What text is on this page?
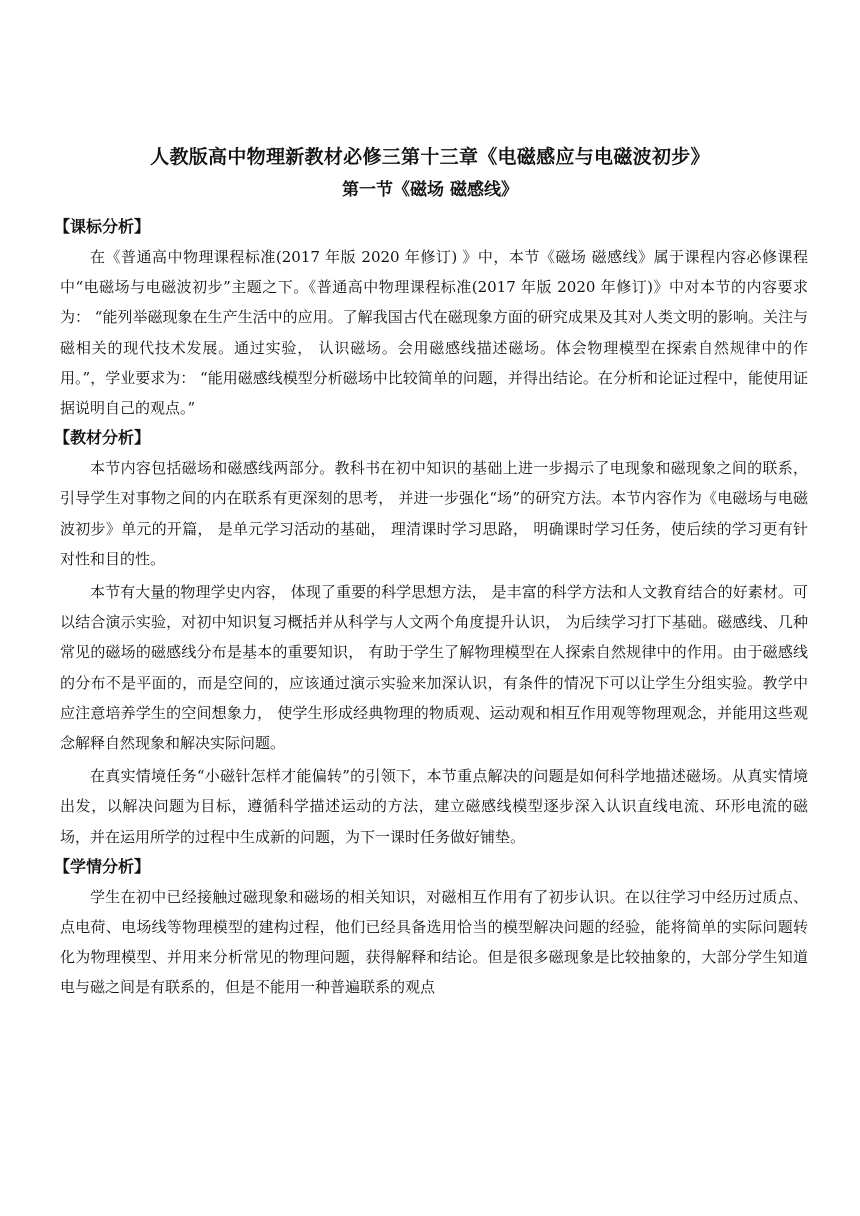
人教版高中物理新教材必修三第十三章《电磁感应与电磁波初步》
第一节《磁场 磁感线》
【课标分析】

在《普通高中物理课程标准(2017 年版 2020 年修订) 》中，本节《磁场 磁感线》属于课程内容必修课程中“电磁场与电磁波初步”主题之下。《普通高中物理课程标准(2017 年版 2020 年修订)》中对本节的内容要求为： “能列举磁现象在生产生活中的应用。了解我国古代在磁现象方面的研究成果及其对人类文明的影响。关注与磁相关的现代技术发展。通过实验， 认识磁场。会用磁感线描述磁场。体会物理模型在探索自然规律中的作用。”，学业要求为： “能用磁感线模型分析磁场中比较简单的问题，并得出结论。在分析和论证过程中，能使用证据说明自己的观点。”

【教材分析】

本节内容包括磁场和磁感线两部分。教科书在初中知识的基础上进一步揭示了电现象和磁现象之间的联系， 引导学生对事物之间的内在联系有更深刻的思考， 并进一步强化“场”的研究方法。本节内容作为《电磁场与电磁波初步》单元的开篇， 是单元学习活动的基础， 理清课时学习思路， 明确课时学习任务，使后续的学习更有针对性和目的性。

本节有大量的物理学史内容， 体现了重要的科学思想方法， 是丰富的科学方法和人文教育结合的好素材。可以结合演示实验，对初中知识复习概括并从科学与人文两个角度提升认识， 为后续学习打下基础。磁感线、几种常见的磁场的磁感线分布是基本的重要知识， 有助于学生了解物理模型在人探索自然规律中的作用。由于磁感线的分布不是平面的，而是空间的，应该通过演示实验来加深认识，有条件的情况下可以让学生分组实验。教学中应注意培养学生的空间想象力， 使学生形成经典物理的物质观、运动观和相互作用观等物理观念，并能用这些观念解释自然现象和解决实际问题。

在真实情境任务“小磁针怎样才能偏转”的引领下，本节重点解决的问题是如何科学地描述磁场。从真实情境出发，以解决问题为目标，遵循科学描述运动的方法，建立磁感线模型逐步深入认识直线电流、环形电流的磁场，并在运用所学的过程中生成新的问题，为下一课时任务做好铺垫。

【学情分析】

学生在初中已经接触过磁现象和磁场的相关知识，对磁相互作用有了初步认识。在以往学习中经历过质点、点电荷、电场线等物理模型的建构过程，他们已经具备选用恰当的模型解决问题的经验，能将简单的实际问题转化为物理模型、并用来分析常见的物理问题，获得解释和结论。但是很多磁现象是比较抽象的，大部分学生知道电与磁之间是有联系的，但是不能用一种普遍联系的观点
